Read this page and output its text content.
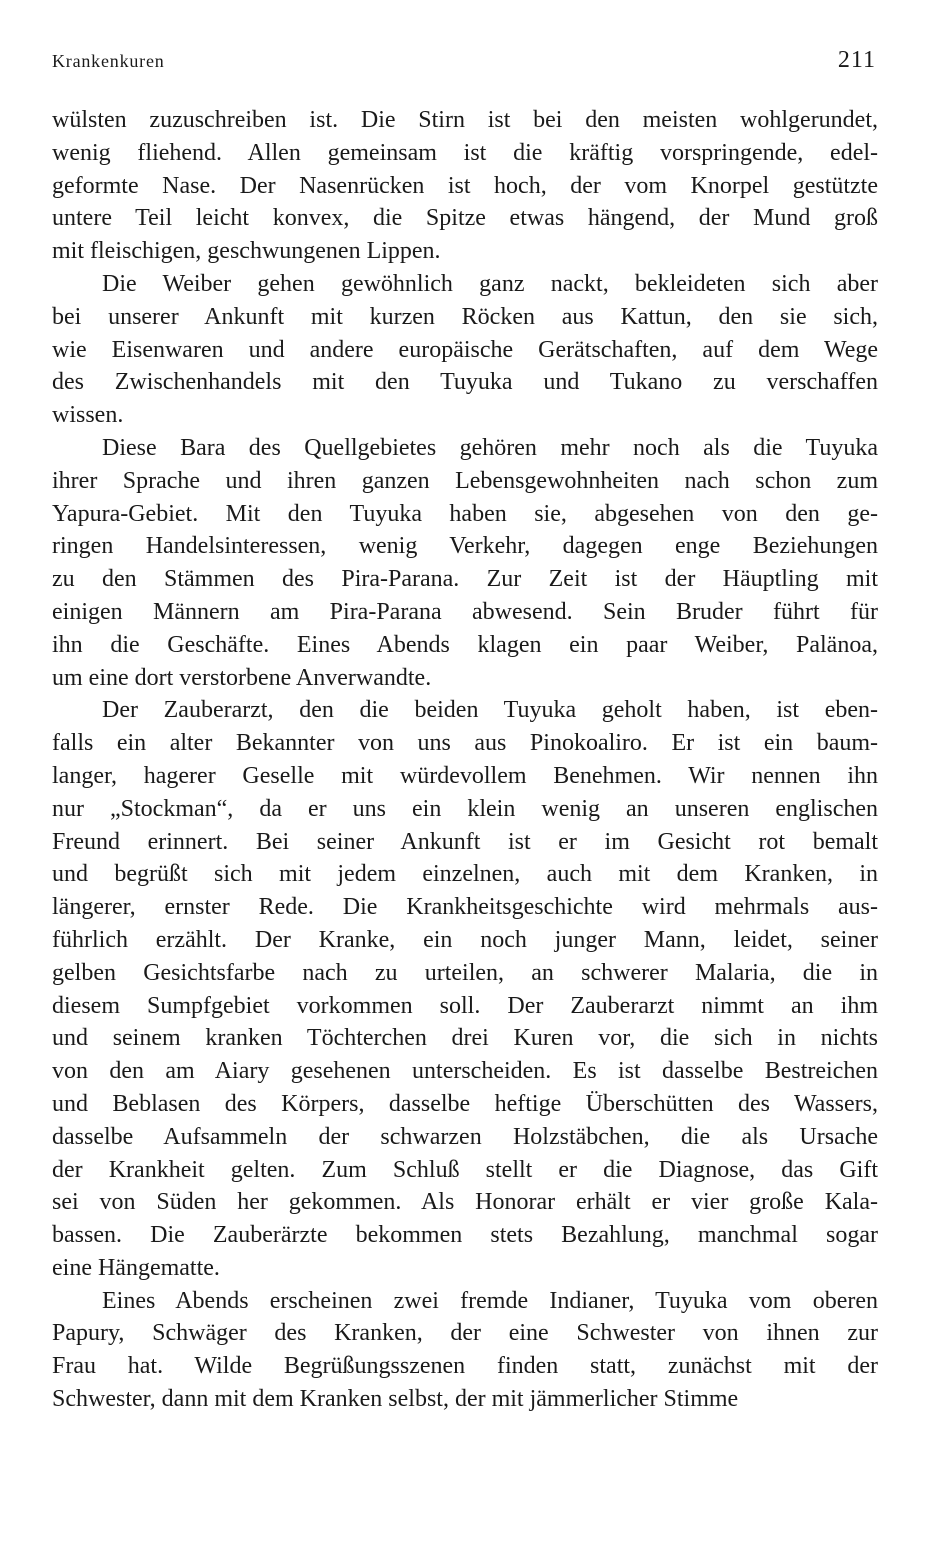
Krankenkuren	211
wülsten zuzuschreiben ist. Die Stirn ist bei den meisten wohlgerundet,
wenig fliehend. Allen gemeinsam ist die kräftig vorspringende, edel-
geformte Nase. Der Nasenrücken ist hoch, der vom Knorpel gestützte
untere Teil leicht konvex, die Spitze etwas hängend, der Mund groß
mit fleischigen, geschwungenen Lippen.
Die Weiber gehen gewöhnlich ganz nackt, bekleideten sich aber
bei unserer Ankunft mit kurzen Röcken aus Kattun, den sie sich,
wie Eisenwaren und andere europäische Gerätschaften, auf dem Wege
des Zwischenhandels mit den Tuyuka und Tukano zu verschaffen
wissen.
Diese Bara des Quellgebietes gehören mehr noch als die Tuyuka
ihrer Sprache und ihren ganzen Lebensgewohnheiten nach schon zum
Yapura-Gebiet. Mit den Tuyuka haben sie, abgesehen von den ge-
ringen Handelsinteressen, wenig Verkehr, dagegen enge Beziehungen
zu den Stämmen des Pira-Parana. Zur Zeit ist der Häuptling mit
einigen Männern am Pira-Parana abwesend. Sein Bruder führt für
ihn die Geschäfte. Eines Abends klagen ein paar Weiber, Palänoa,
um eine dort verstorbene Anverwandte.
Der Zauberarzt, den die beiden Tuyuka geholt haben, ist eben-
falls ein alter Bekannter von uns aus Pinokoaliro. Er ist ein baum-
langer, hagerer Geselle mit würdevollem Benehmen. Wir nennen ihn
nur „Stockman“, da er uns ein klein wenig an unseren englischen
Freund erinnert. Bei seiner Ankunft ist er im Gesicht rot bemalt
und begrüßt sich mit jedem einzelnen, auch mit dem Kranken, in
längerer, ernster Rede. Die Krankheitsgeschichte wird mehrmals aus-
führlich erzählt. Der Kranke, ein noch junger Mann, leidet, seiner
gelben Gesichtsfarbe nach zu urteilen, an schwerer Malaria, die in
diesem Sumpfgebiet vorkommen soll. Der Zauberarzt nimmt an ihm
und seinem kranken Töchterchen drei Kuren vor, die sich in nichts
von den am Aiary gesehenen unterscheiden. Es ist dasselbe Bestreichen
und Beblasen des Körpers, dasselbe heftige Überschütten des Wassers,
dasselbe Aufsammeln der schwarzen Holzstäbchen, die als Ursache
der Krankheit gelten. Zum Schluß stellt er die Diagnose, das Gift
sei von Süden her gekommen. Als Honorar erhält er vier große Kala-
bassen. Die Zauberärzte bekommen stets Bezahlung, manchmal sogar
eine Hängematte.
Eines Abends erscheinen zwei fremde Indianer, Tuyuka vom oberen
Papury, Schwäger des Kranken, der eine Schwester von ihnen zur
Frau hat. Wilde Begrüßungsszenen finden statt, zunächst mit der
Schwester, dann mit dem Kranken selbst, der mit jämmerlicher Stimme
